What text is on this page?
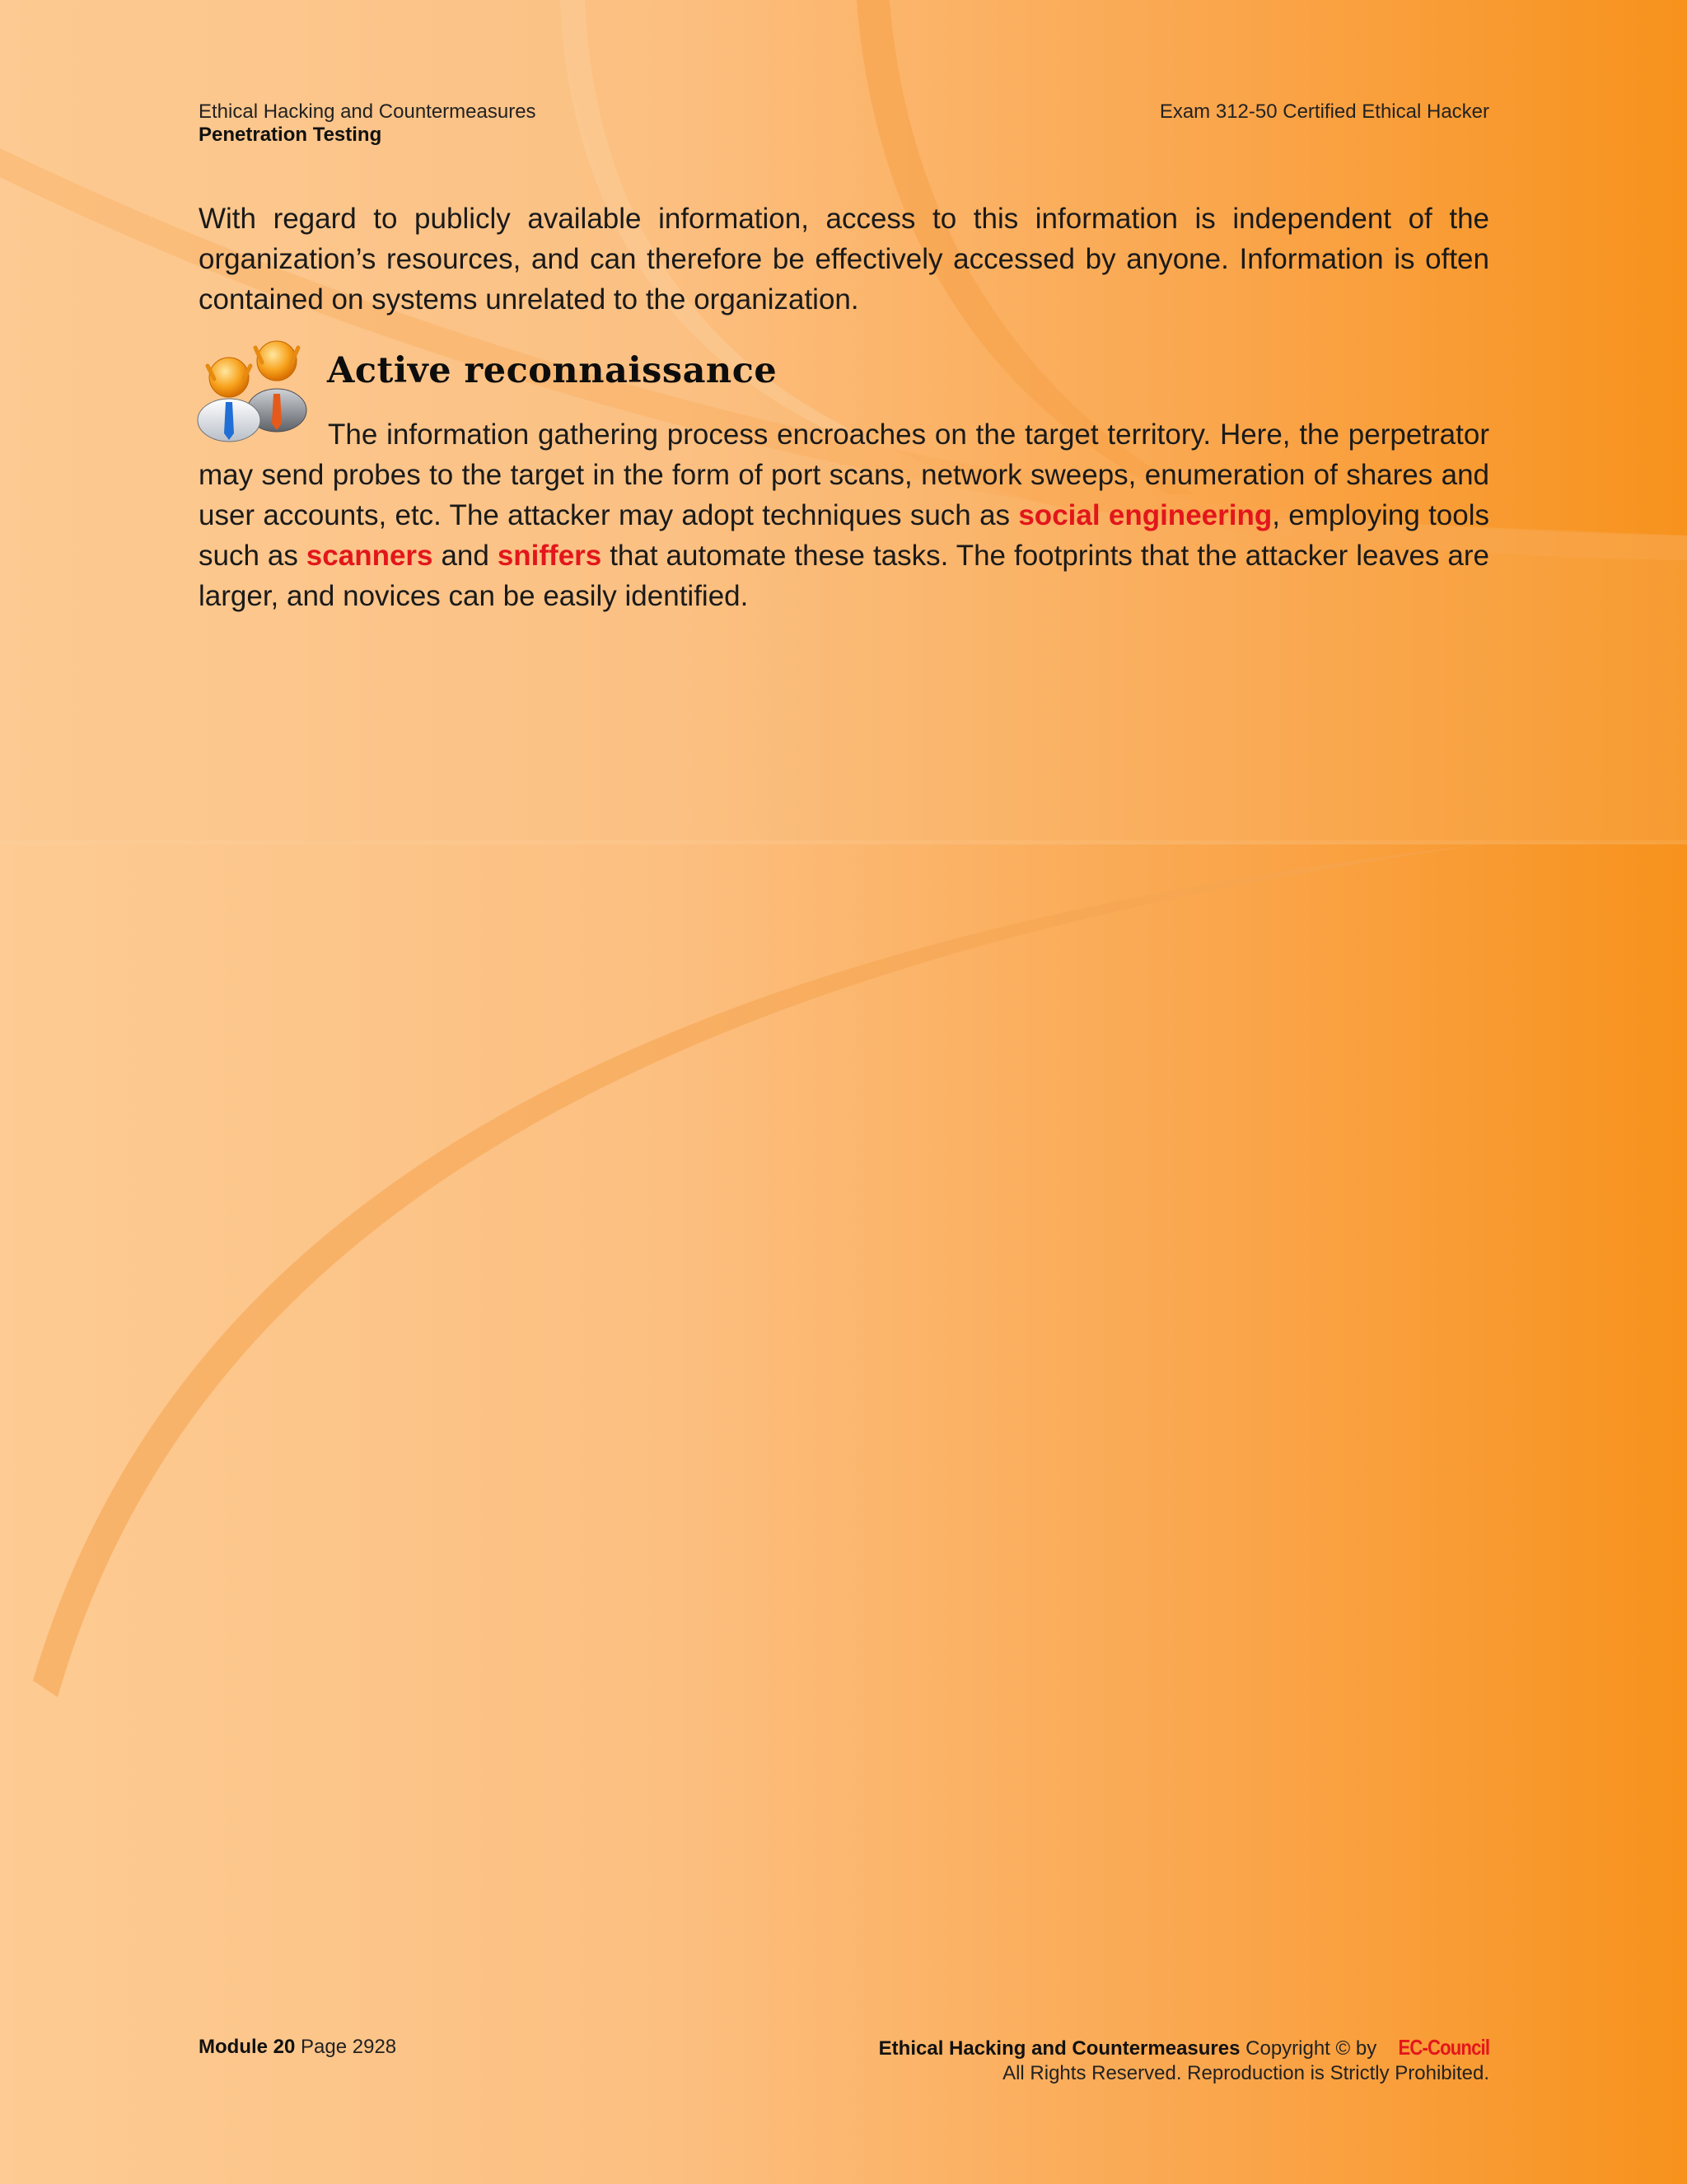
Ethical Hacking and Countermeasures
Penetration Testing
Exam 312-50 Certified Ethical Hacker

With regard to publicly available information, access to this information is independent of the organization’s resources, and can therefore be effectively accessed by anyone. Information is often contained on systems unrelated to the organization.

Active reconnaissance

The information gathering process encroaches on the target territory. Here, the perpetrator may send probes to the target in the form of port scans, network sweeps, enumeration of shares and user accounts, etc. The attacker may adopt techniques such as social engineering, employing tools such as scanners and sniffers that automate these tasks. The footprints that the attacker leaves are larger, and novices can be easily identified.

Module 20 Page 2928	Ethical Hacking and Countermeasures Copyright © by EC-Council
All Rights Reserved. Reproduction is Strictly Prohibited.
